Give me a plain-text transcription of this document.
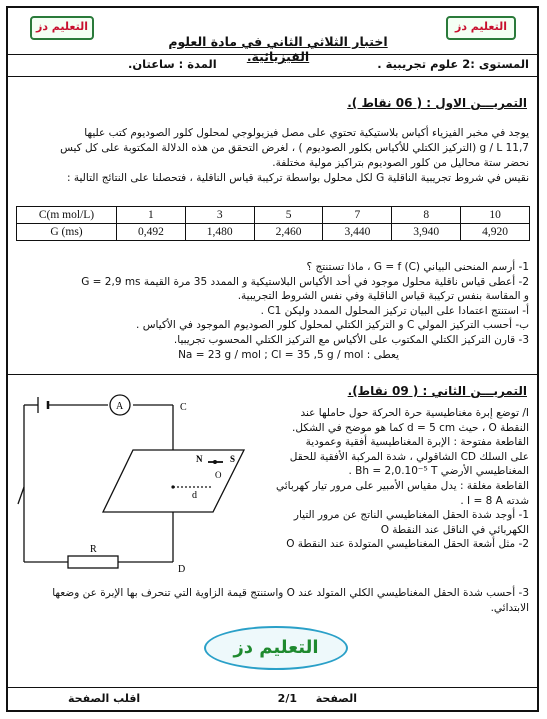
التعليم دز	التعليم دز
اختبار الثلاثي الثاني في مادة العلوم الفيزيائية.	المستوى :2 علوم تجريبية .
المدة : ساعتان.
التمريـــن الاول : ( 06 نقاط ).
يوجد في مخبر الفيزياء أكياس بلاستيكية تحتوي على مصل فيزيولوجي لمحلول كلور الصوديوم كتب عليها
11,7 g / L (التركيز الكتلي للأكياس بكلور الصوديوم ) ، لغرض التحقق من هذه الدلالة المكتوبة على كل كيس
نحضر ستة محاليل من كلور الصوديوم بتراكيز مولية مختلفة.
نقيس في شروط تجريبية الناقلية G لكل محلول بواسطة تركيبة قياس الناقلية ، فتحصلنا على النتائج التالية :
C(m mol/L)	1	3	5	7	8	10
G (ms)	0,492	1,480	2,460	3,440	3,940	4,920
1- أرسم المنحنى البياني G = f (C) ، ماذا تستنتج ؟
2- أعطى قياس ناقلية محلول موجود في أحد الأكياس البلاستيكية و الممدد 35 مرة القيمة G = 2,9 ms
و المقاسة بنفس تركيبة قياس الناقلية وفي نفس الشروط التجريبية.
أ- استنتج اعتمادا على البيان تركيز المحلول الممدد وليكن C1 .
ب- أحسب التركيز المولي C و التركيز الكتلي لمحلول كلور الصوديوم الموجود في الأكياس .
3- قارن التركيز الكتلي المكتوب على الأكياس مع التركيز الكتلي المحسوب تجريبيا.
يعطى : Na = 23 g / mol ; Cl = 35 ,5 g / mol
التمريـــن الثاني : ( 09 نقاط).
A	C
D
R
N	S
O
d
I/ توضع إبرة مغناطيسية حرة الحركة حول حاملها عند
النقطة O ، حيث d = 5 cm كما هو موضح في الشكل.
القاطعة مفتوحة : الإبرة المغناطيسية أفقية وعمودية
على السلك CD الشاقولي ، شدة المركبة الأفقية للحقل
المغناطيسي الأرضي Bh = 2,0.10⁻⁵ T .
القاطعة مغلقة : يدل مقياس الأمبير على مرور تيار كهربائي
شدته I = 8 A .
1- أوجد شدة الحقل المغناطيسي الناتج عن مرور التيار
الكهربائي في الناقل عند النقطة O
2- مثل أشعة الحقل المغناطيسي المتولدة عند النقطة O
3- أحسب شدة الحقل المغناطيسي الكلي المتولد عند O واستنتج قيمة الزاوية التي تنحرف بها الإبرة عن وضعها
الابتدائي.
التعليم دز
اقلب الصفحة	الصفحة
2/1
